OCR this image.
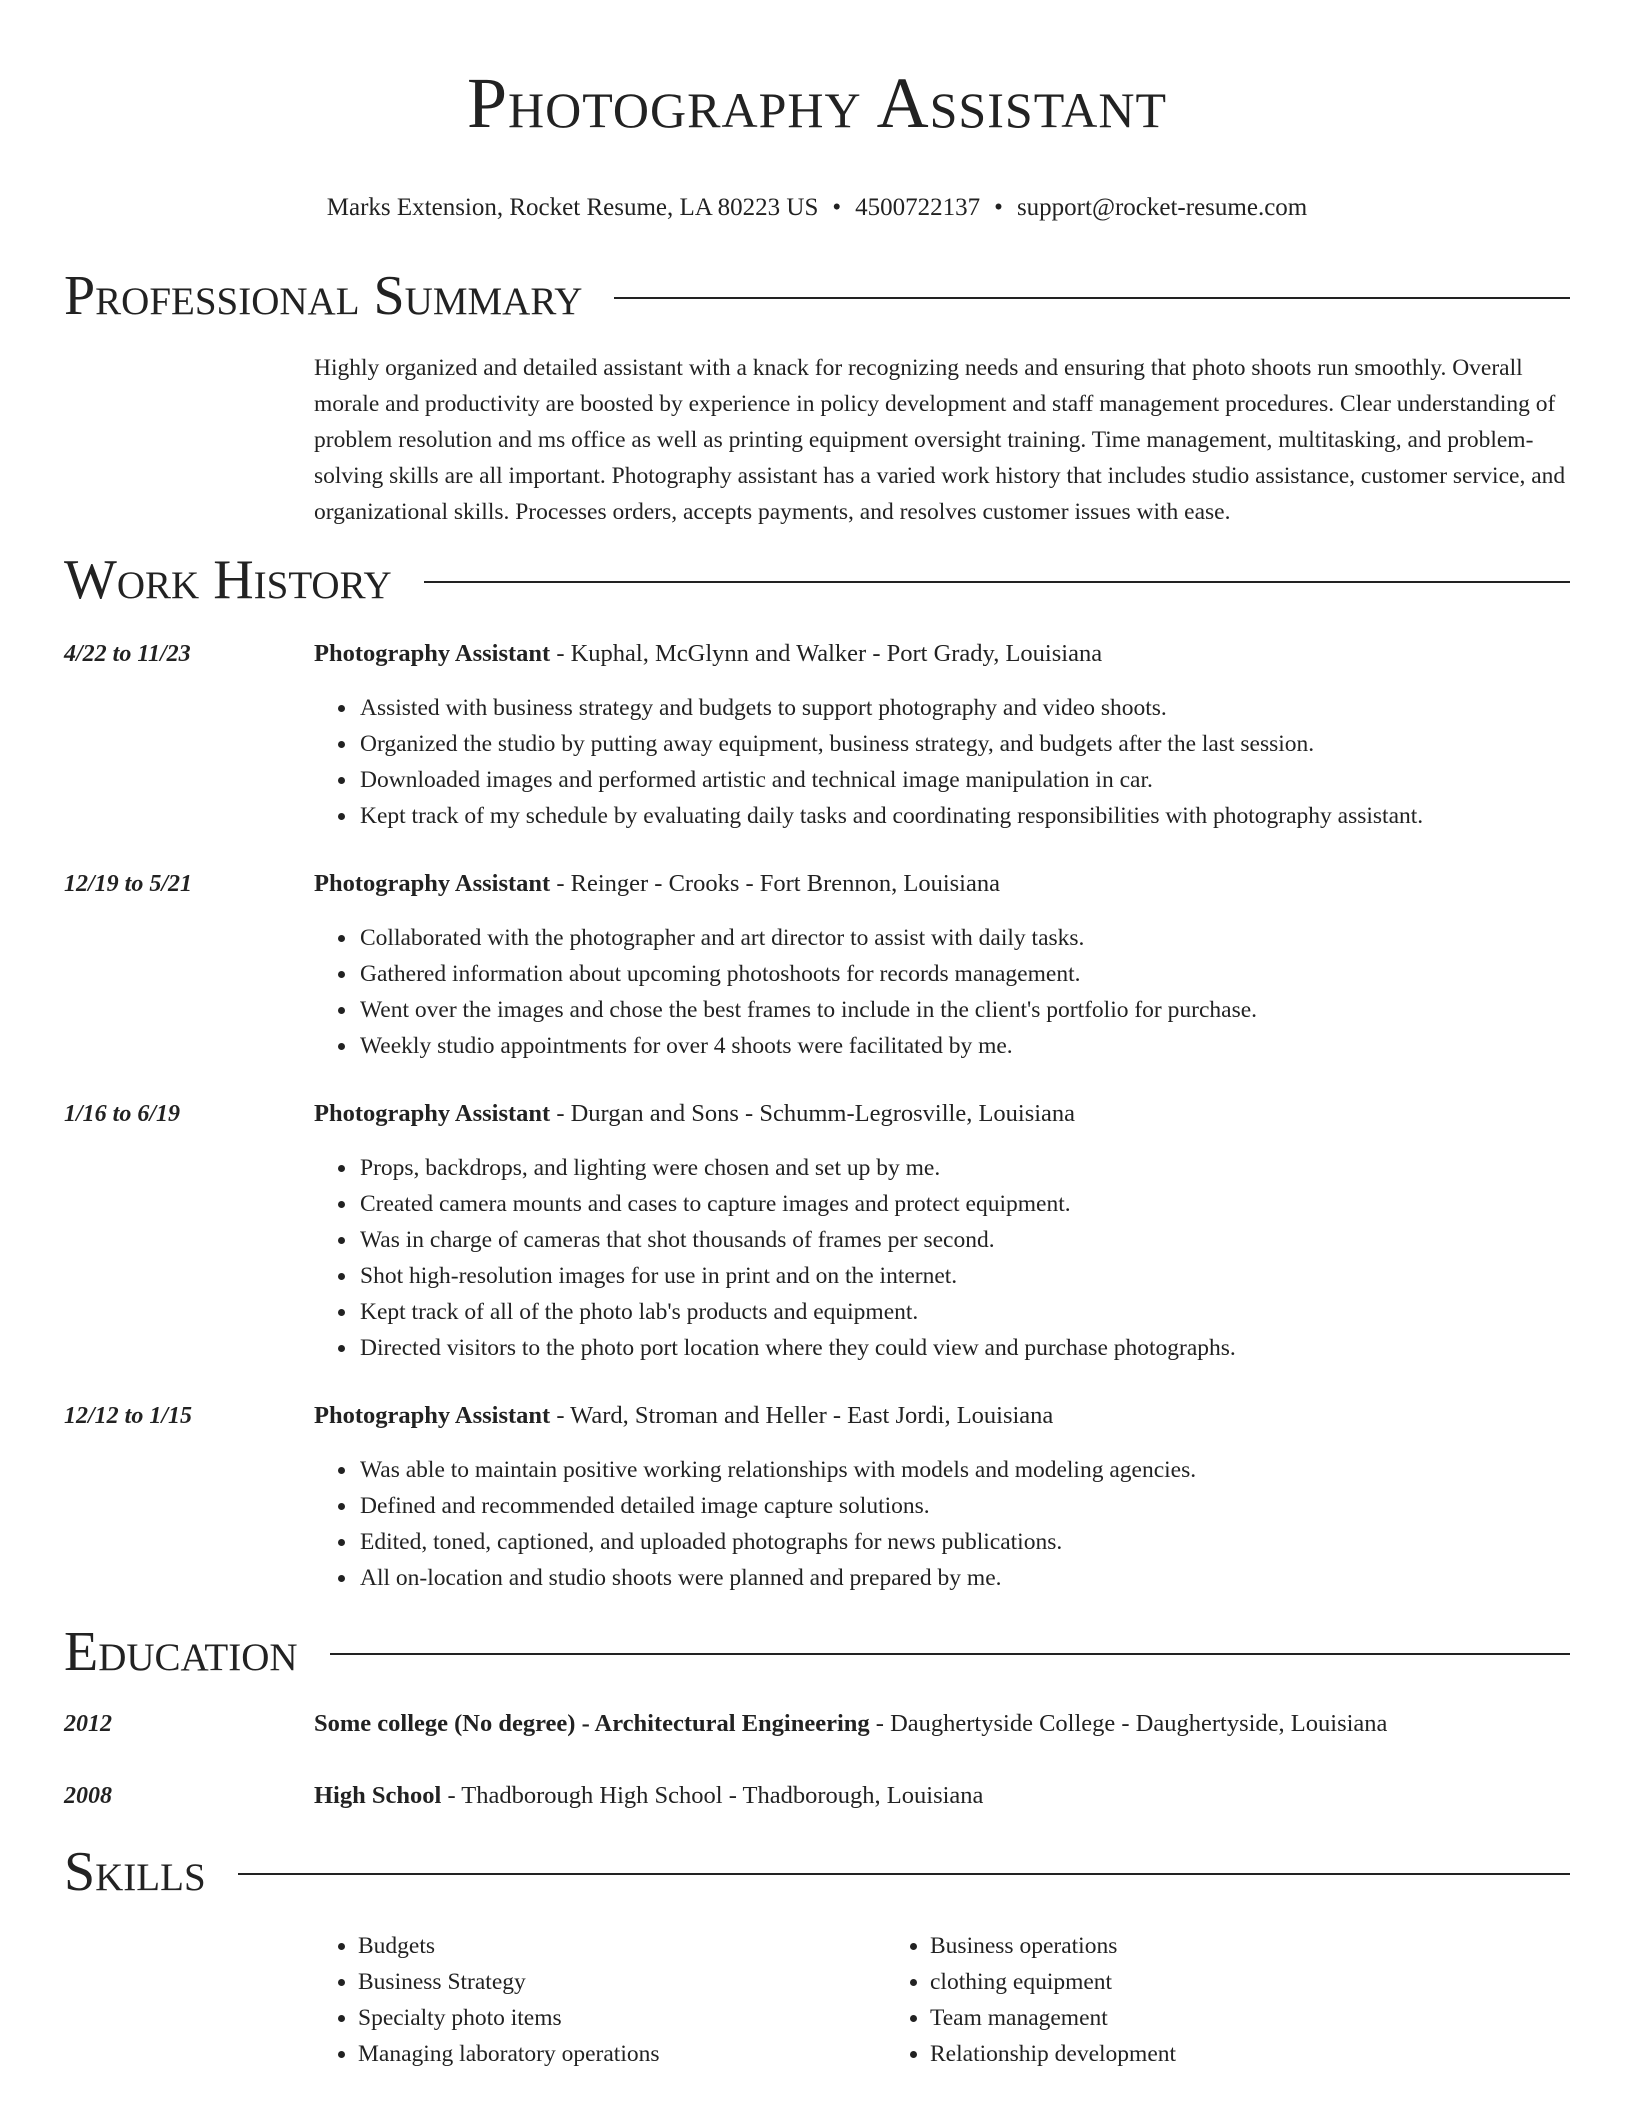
Photography Assistant
Marks Extension, Rocket Resume, LA 80223 US • 4500722137 • support@rocket-resume.com
Professional Summary
Highly organized and detailed assistant with a knack for recognizing needs and ensuring that photo shoots run smoothly. Overall morale and productivity are boosted by experience in policy development and staff management procedures. Clear understanding of problem resolution and ms office as well as printing equipment oversight training. Time management, multitasking, and problem-solving skills are all important. Photography assistant has a varied work history that includes studio assistance, customer service, and organizational skills. Processes orders, accepts payments, and resolves customer issues with ease.
Work History
4/22 to 11/23	Photography Assistant - Kuphal, McGlynn and Walker - Port Grady, Louisiana
• Assisted with business strategy and budgets to support photography and video shoots.
• Organized the studio by putting away equipment, business strategy, and budgets after the last session.
• Downloaded images and performed artistic and technical image manipulation in car.
• Kept track of my schedule by evaluating daily tasks and coordinating responsibilities with photography assistant.
12/19 to 5/21	Photography Assistant - Reinger - Crooks - Fort Brennon, Louisiana
• Collaborated with the photographer and art director to assist with daily tasks.
• Gathered information about upcoming photoshoots for records management.
• Went over the images and chose the best frames to include in the client's portfolio for purchase.
• Weekly studio appointments for over 4 shoots were facilitated by me.
1/16 to 6/19	Photography Assistant - Durgan and Sons - Schumm-Legrosville, Louisiana
• Props, backdrops, and lighting were chosen and set up by me.
• Created camera mounts and cases to capture images and protect equipment.
• Was in charge of cameras that shot thousands of frames per second.
• Shot high-resolution images for use in print and on the internet.
• Kept track of all of the photo lab's products and equipment.
• Directed visitors to the photo port location where they could view and purchase photographs.
12/12 to 1/15	Photography Assistant - Ward, Stroman and Heller - East Jordi, Louisiana
• Was able to maintain positive working relationships with models and modeling agencies.
• Defined and recommended detailed image capture solutions.
• Edited, toned, captioned, and uploaded photographs for news publications.
• All on-location and studio shoots were planned and prepared by me.
Education
2012	Some college (No degree) - Architectural Engineering - Daughertyside College - Daughertyside, Louisiana
2008	High School - Thadborough High School - Thadborough, Louisiana
Skills
• Budgets
• Business Strategy
• Specialty photo items
• Managing laboratory operations
• Business operations
• clothing equipment
• Team management
• Relationship development
